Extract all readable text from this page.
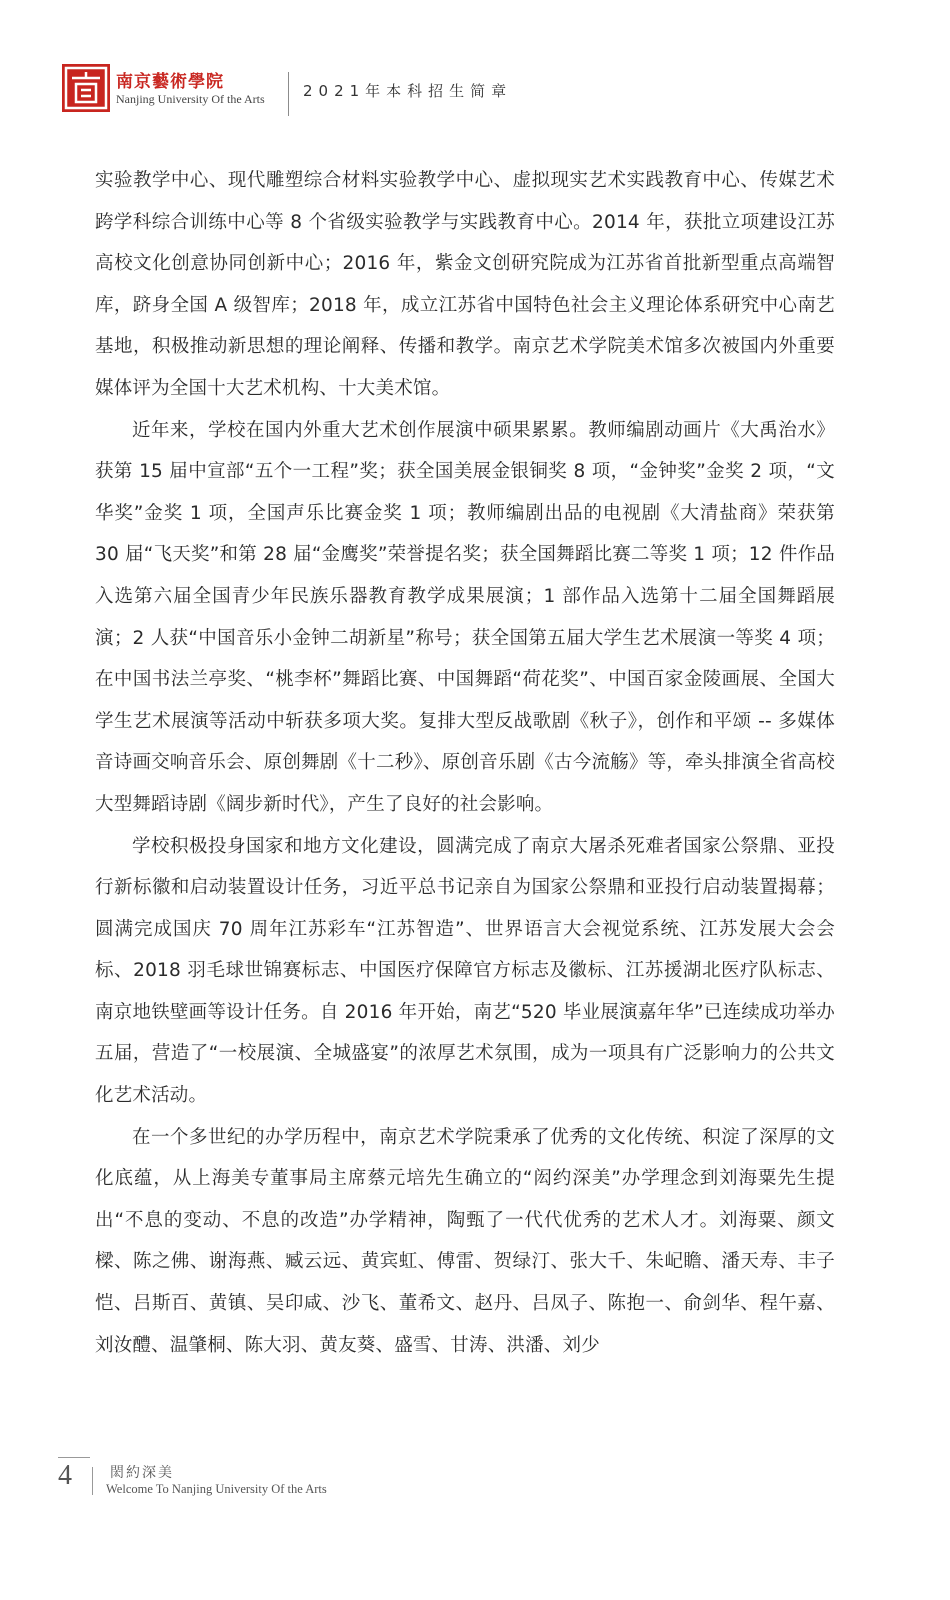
南京藝術學院
Nanjing University Of the Arts	2021年本科招生简章

实验教学中心、现代雕塑综合材料实验教学中心、虚拟现实艺术实践教育中心、传媒艺术跨学科综合训练中心等 8 个省级实验教学与实践教育中心。2014 年，获批立项建设江苏高校文化创意协同创新中心；2016 年，紫金文创研究院成为江苏省首批新型重点高端智库，跻身全国 A 级智库；2018 年，成立江苏省中国特色社会主义理论体系研究中心南艺基地，积极推动新思想的理论阐释、传播和教学。南京艺术学院美术馆多次被国内外重要媒体评为全国十大艺术机构、十大美术馆。

近年来，学校在国内外重大艺术创作展演中硕果累累。教师编剧动画片《大禹治水》获第 15 届中宣部“五个一工程”奖；获全国美展金银铜奖 8 项，“金钟奖”金奖 2 项，“文华奖”金奖 1 项，全国声乐比赛金奖 1 项；教师编剧出品的电视剧《大清盐商》荣获第 30 届“飞天奖”和第 28 届“金鹰奖”荣誉提名奖；获全国舞蹈比赛二等奖 1 项；12 件作品入选第六届全国青少年民族乐器教育教学成果展演；1 部作品入选第十二届全国舞蹈展演；2 人获“中国音乐小金钟二胡新星”称号；获全国第五届大学生艺术展演一等奖 4 项；在中国书法兰亭奖、“桃李杯”舞蹈比赛、中国舞蹈“荷花奖”、中国百家金陵画展、全国大学生艺术展演等活动中斩获多项大奖。复排大型反战歌剧《秋子》，创作和平颂 -- 多媒体音诗画交响音乐会、原创舞剧《十二秒》、原创音乐剧《古今流觞》等，牵头排演全省高校大型舞蹈诗剧《阔步新时代》，产生了良好的社会影响。

学校积极投身国家和地方文化建设，圆满完成了南京大屠杀死难者国家公祭鼎、亚投行新标徽和启动装置设计任务，习近平总书记亲自为国家公祭鼎和亚投行启动装置揭幕；圆满完成国庆 70 周年江苏彩车“江苏智造”、世界语言大会视觉系统、江苏发展大会会标、2018 羽毛球世锦赛标志、中国医疗保障官方标志及徽标、江苏援湖北医疗队标志、南京地铁壁画等设计任务。自 2016 年开始，南艺“520 毕业展演嘉年华”已连续成功举办五届，营造了“一校展演、全城盛宴”的浓厚艺术氛围，成为一项具有广泛影响力的公共文化艺术活动。

在一个多世纪的办学历程中，南京艺术学院秉承了优秀的文化传统、积淀了深厚的文化底蕴，从上海美专董事局主席蔡元培先生确立的“闳约深美”办学理念到刘海粟先生提出“不息的变动、不息的改造”办学精神，陶甄了一代代优秀的艺术人才。刘海粟、颜文樑、陈之佛、谢海燕、臧云远、黄宾虹、傅雷、贺绿汀、张大千、朱屺瞻、潘天寿、丰子恺、吕斯百、黄镇、吴印咸、沙飞、董希文、赵丹、吕凤子、陈抱一、俞剑华、程午嘉、刘汝醴、温肇桐、陈大羽、黄友葵、盛雪、甘涛、洪潘、刘少

4	閎約深美
Welcome To Nanjing University Of the Arts
